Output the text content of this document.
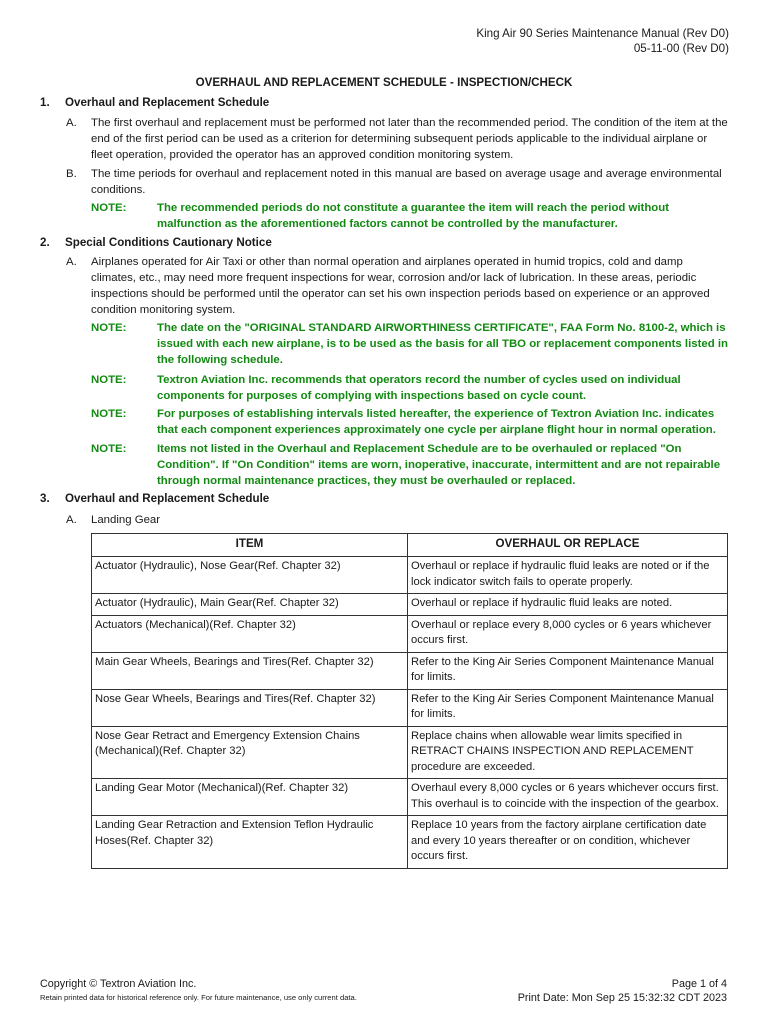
King Air 90 Series Maintenance Manual (Rev D0)
05-11-00 (Rev D0)
OVERHAUL AND REPLACEMENT SCHEDULE - INSPECTION/CHECK
1. Overhaul and Replacement Schedule
A. The first overhaul and replacement must be performed not later than the recommended period. The condition of the item at the end of the first period can be used as a criterion for determining subsequent periods applicable to the individual airplane or fleet operation, provided the operator has an approved condition monitoring system.
B. The time periods for overhaul and replacement noted in this manual are based on average usage and average environmental conditions.
NOTE:	The recommended periods do not constitute a guarantee the item will reach the period without malfunction as the aforementioned factors cannot be controlled by the manufacturer.
2. Special Conditions Cautionary Notice
A. Airplanes operated for Air Taxi or other than normal operation and airplanes operated in humid tropics, cold and damp climates, etc., may need more frequent inspections for wear, corrosion and/or lack of lubrication. In these areas, periodic inspections should be performed until the operator can set his own inspection periods based on experience or an approved condition monitoring system.
NOTE:	The date on the "ORIGINAL STANDARD AIRWORTHINESS CERTIFICATE", FAA Form No. 8100-2, which is issued with each new airplane, is to be used as the basis for all TBO or replacement components listed in the following schedule.
NOTE:	Textron Aviation Inc. recommends that operators record the number of cycles used on individual components for purposes of complying with inspections based on cycle count.
NOTE:	For purposes of establishing intervals listed hereafter, the experience of Textron Aviation Inc. indicates that each component experiences approximately one cycle per airplane flight hour in normal operation.
NOTE:	Items not listed in the Overhaul and Replacement Schedule are to be overhauled or replaced "On Condition". If "On Condition" items are worn, inoperative, inaccurate, intermittent and are not repairable through normal maintenance practices, they must be overhauled or replaced.
3. Overhaul and Replacement Schedule
A. Landing Gear
ITEM	OVERHAUL OR REPLACE
Actuator (Hydraulic), Nose Gear(Ref. Chapter 32)	Overhaul or replace if hydraulic fluid leaks are noted or if the lock indicator switch fails to operate properly.
Actuator (Hydraulic), Main Gear(Ref. Chapter 32)	Overhaul or replace if hydraulic fluid leaks are noted.
Actuators (Mechanical)(Ref. Chapter 32)	Overhaul or replace every 8,000 cycles or 6 years whichever occurs first.
Main Gear Wheels, Bearings and Tires(Ref. Chapter 32)	Refer to the King Air Series Component Maintenance Manual for limits.
Nose Gear Wheels, Bearings and Tires(Ref. Chapter 32)	Refer to the King Air Series Component Maintenance Manual for limits.
Nose Gear Retract and Emergency Extension Chains (Mechanical)(Ref. Chapter 32)	Replace chains when allowable wear limits specified in RETRACT CHAINS INSPECTION AND REPLACEMENT procedure are exceeded.
Landing Gear Motor (Mechanical)(Ref. Chapter 32)	Overhaul every 8,000 cycles or 6 years whichever occurs first. This overhaul is to coincide with the inspection of the gearbox.
Landing Gear Retraction and Extension Teflon Hydraulic Hoses(Ref. Chapter 32)	Replace 10 years from the factory airplane certification date and every 10 years thereafter or on condition, whichever occurs first.
Copyright © Textron Aviation Inc.
Retain printed data for historical reference only. For future maintenance, use only current data.
Page 1 of 4
Print Date: Mon Sep 25 15:32:32 CDT 2023
